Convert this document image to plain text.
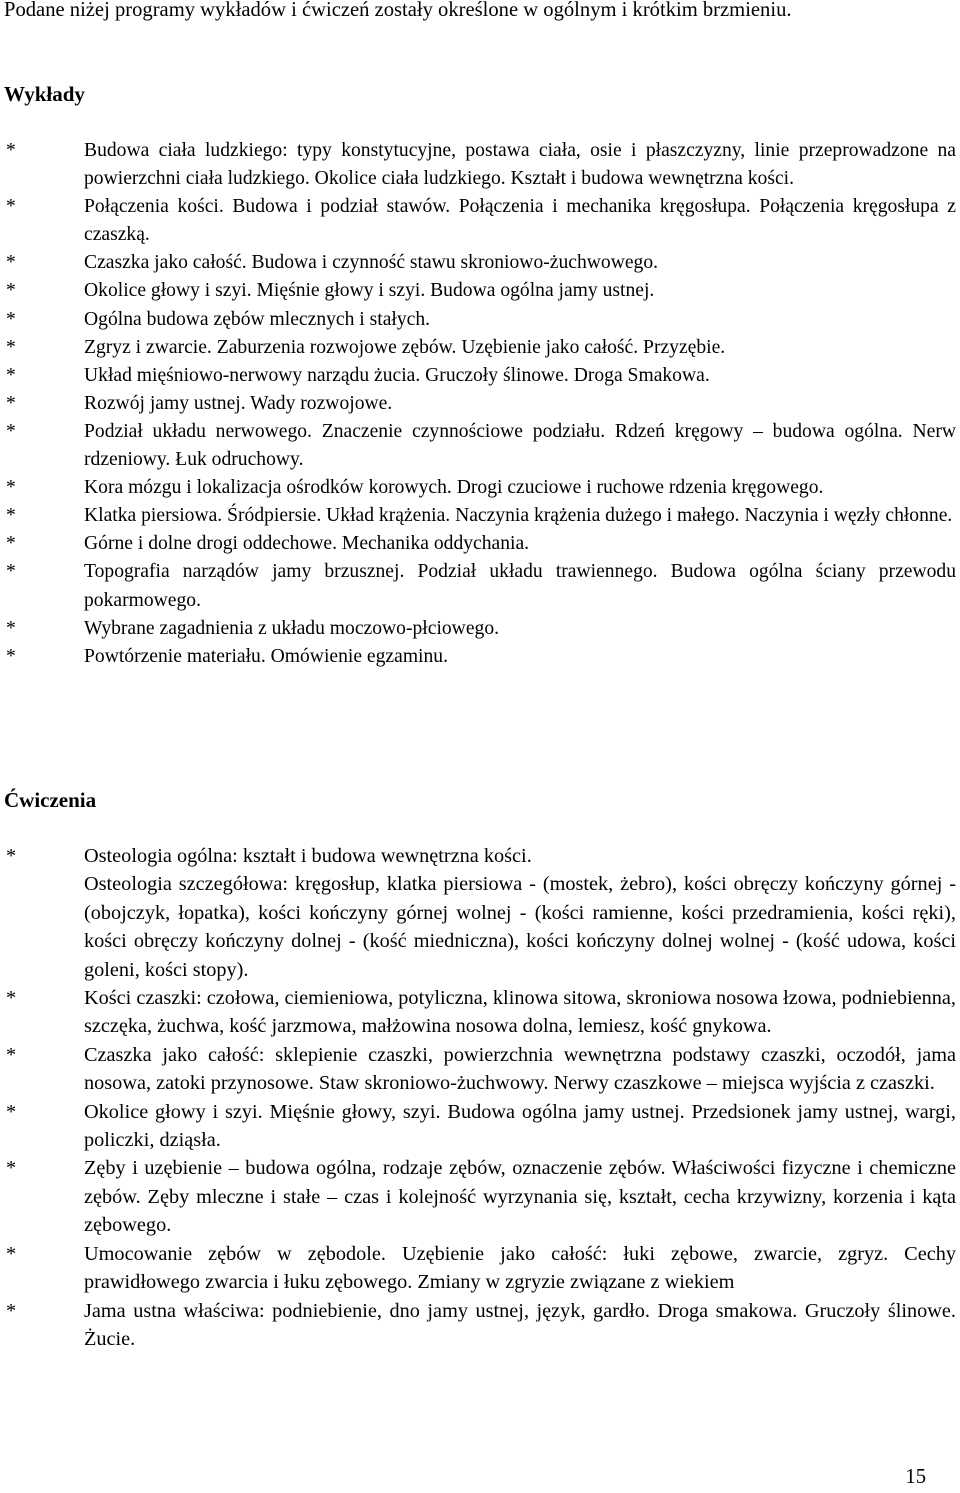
Podane niżej programy wykładów i ćwiczeń zostały określone w ogólnym i krótkim brzmieniu.

Wykłady
*	Budowa ciała ludzkiego: typy konstytucyjne, postawa ciała, osie i płaszczyzny, linie przeprowadzone na powierzchni ciała ludzkiego. Okolice ciała ludzkiego. Kształt i budowa wewnętrzna kości.
*	Połączenia kości. Budowa i podział stawów. Połączenia i mechanika kręgosłupa. Połączenia kręgosłupa z czaszką.
*	Czaszka jako całość. Budowa i czynność stawu skroniowo-żuchwowego.
*	Okolice głowy i szyi. Mięśnie głowy i szyi. Budowa ogólna jamy ustnej.
*	Ogólna budowa zębów mlecznych i stałych.
*	Zgryz i zwarcie. Zaburzenia rozwojowe zębów. Uzębienie jako całość. Przyzębie.
*	Układ mięśniowo-nerwowy narządu żucia. Gruczoły ślinowe. Droga Smakowa.
*	Rozwój jamy ustnej. Wady rozwojowe.
*	Podział układu nerwowego. Znaczenie czynnościowe podziału. Rdzeń kręgowy – budowa ogólna. Nerw rdzeniowy. Łuk odruchowy.
*	Kora mózgu i lokalizacja ośrodków korowych. Drogi czuciowe i ruchowe rdzenia kręgowego.
*	Klatka piersiowa. Śródpiersie. Układ krążenia. Naczynia krążenia dużego i małego. Naczynia i węzły chłonne.
*	Górne i dolne drogi oddechowe. Mechanika oddychania.
*	Topografia narządów jamy brzusznej. Podział układu trawiennego. Budowa ogólna ściany przewodu pokarmowego.
*	Wybrane zagadnienia z układu moczowo-płciowego.
*	Powtórzenie materiału. Omówienie egzaminu.
Ćwiczenia
*	Osteologia ogólna: kształt i budowa wewnętrzna kości.
Osteologia szczegółowa: kręgosłup, klatka piersiowa - (mostek, żebro), kości obręczy kończyny górnej - (obojczyk, łopatka), kości kończyny górnej wolnej - (kości ramienne, kości przedramienia, kości ręki), kości obręczy kończyny dolnej - (kość miedniczna), kości kończyny dolnej wolnej - (kość udowa, kości goleni, kości stopy).
*	Kości czaszki: czołowa, ciemieniowa, potyliczna, klinowa sitowa, skroniowa nosowa łzowa, podniebienna, szczęka, żuchwa, kość jarzmowa, małżowina nosowa dolna, lemiesz, kość gnykowa.
*	Czaszka jako całość: sklepienie czaszki, powierzchnia wewnętrzna podstawy czaszki, oczodół, jama nosowa, zatoki przynosowe. Staw skroniowo-żuchwowy. Nerwy czaszkowe – miejsca wyjścia z czaszki.
*	Okolice głowy i szyi. Mięśnie głowy, szyi. Budowa ogólna jamy ustnej. Przedsionek jamy ustnej, wargi, policzki, dziąsła.
*	Zęby i uzębienie – budowa ogólna, rodzaje zębów, oznaczenie zębów. Właściwości fizyczne i chemiczne zębów. Zęby mleczne i stałe – czas i kolejność wyrzynania się, kształt, cecha krzywizny, korzenia i kąta zębowego.
*	Umocowanie zębów w zębodole. Uzębienie jako całość: łuki zębowe, zwarcie, zgryz. Cechy prawidłowego zwarcia i łuku zębowego. Zmiany w zgryzie związane z wiekiem
*	Jama ustna właściwa: podniebienie, dno jamy ustnej, język, gardło. Droga smakowa. Gruczoły ślinowe. Żucie.

15
